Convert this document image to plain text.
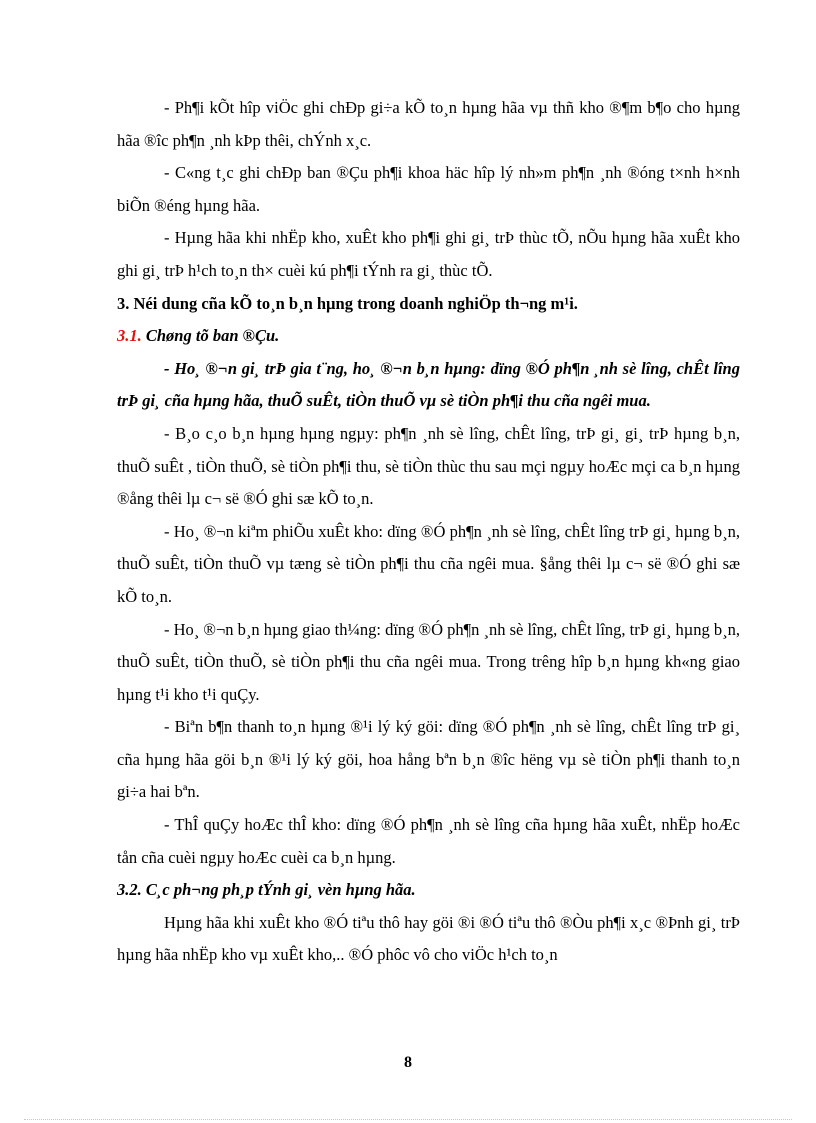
- Ph¶i kÕt hîp viÖc ghi chÐp gi÷a kÕ to¸n hµng hãa vµ thñ kho ®¶m b¶o cho hµng hãa ®îc ph¶n ¸nh kÞp thêi, chÝnh x¸c.

- C«ng t¸c ghi chÐp ban ®Çu ph¶i khoa häc hîp lý nh»m ph¶n ¸nh ®óng t×nh h×nh biÕn ®éng hµng hãa.

- Hµng hãa khi nhËp kho, xuÊt kho ph¶i ghi gi¸ trÞ thùc tÕ, nÕu hµng hãa xuÊt kho ghi gi¸ trÞ h¹ch to¸n th× cuèi kú ph¶i tÝnh ra gi¸ thùc tÕ.

3. Néi dung cña kÕ to¸n b¸n hµng trong doanh nghiÖp th¬ng m¹i.

3.1. Chøng tõ ban ®Çu.

- Ho¸ ®¬n gi¸ trÞ gia t¨ng, ho¸ ®¬n b¸n hµng: dïng ®Ó ph¶n ¸nh sè lîng, chÊt lîng trÞ gi¸ cña hµng hãa, thuÕ suÊt, tiÒn thuÕ vµ sè tiÒn ph¶i thu cña ngêi mua.

- B¸o c¸o b¸n hµng hµng ngµy: ph¶n ¸nh sè lîng, chÊt lîng, trÞ gi¸ gi¸ trÞ hµng b¸n, thuÕ suÊt , tiÒn thuÕ, sè tiÒn ph¶i thu, sè tiÒn thùc thu sau mçi ngµy hoÆc mçi ca b¸n hµng ®ång thêi lµ c¬ së ®Ó ghi sæ kÕ to¸n.

- Ho¸ ®¬n kiªm phiÕu xuÊt kho: dïng ®Ó ph¶n ¸nh sè lîng, chÊt lîng trÞ gi¸ hµng b¸n, thuÕ suÊt, tiÒn thuÕ vµ tæng sè tiÒn ph¶i thu cña ngêi mua. §ång thêi lµ c¬ së ®Ó ghi sæ kÕ to¸n.

- Ho¸ ®¬n b¸n hµng giao th¼ng: dïng ®Ó ph¶n ¸nh sè lîng, chÊt lîng, trÞ gi¸ hµng b¸n, thuÕ suÊt, tiÒn thuÕ, sè tiÒn ph¶i thu cña ngêi mua. Trong trêng hîp b¸n hµng kh«ng giao hµng t¹i kho t¹i quÇy.

- Biªn b¶n thanh to¸n hµng ®¹i lý ký göi: dïng ®Ó ph¶n ¸nh sè lîng, chÊt lîng trÞ gi¸ cña hµng hãa göi b¸n ®¹i lý ký göi, hoa hång bªn b¸n ®îc hëng vµ sè tiÒn ph¶i thanh to¸n gi÷a hai bªn.

- ThÎ quÇy hoÆc thÎ kho: dïng ®Ó ph¶n ¸nh sè lîng cña hµng hãa xuÊt, nhËp hoÆc tån cña cuèi ngµy hoÆc cuèi ca b¸n hµng.

3.2. C¸c ph¬ng ph¸p tÝnh gi¸ vèn hµng hãa.

Hµng hãa khi xuÊt kho ®Ó tiªu thô hay göi ®i ®Ó tiªu thô ®Òu ph¶i x¸c ®Þnh gi¸ trÞ hµng hãa nhËp kho vµ xuÊt kho,.. ®Ó phôc vô cho viÖc h¹ch to¸n

8
